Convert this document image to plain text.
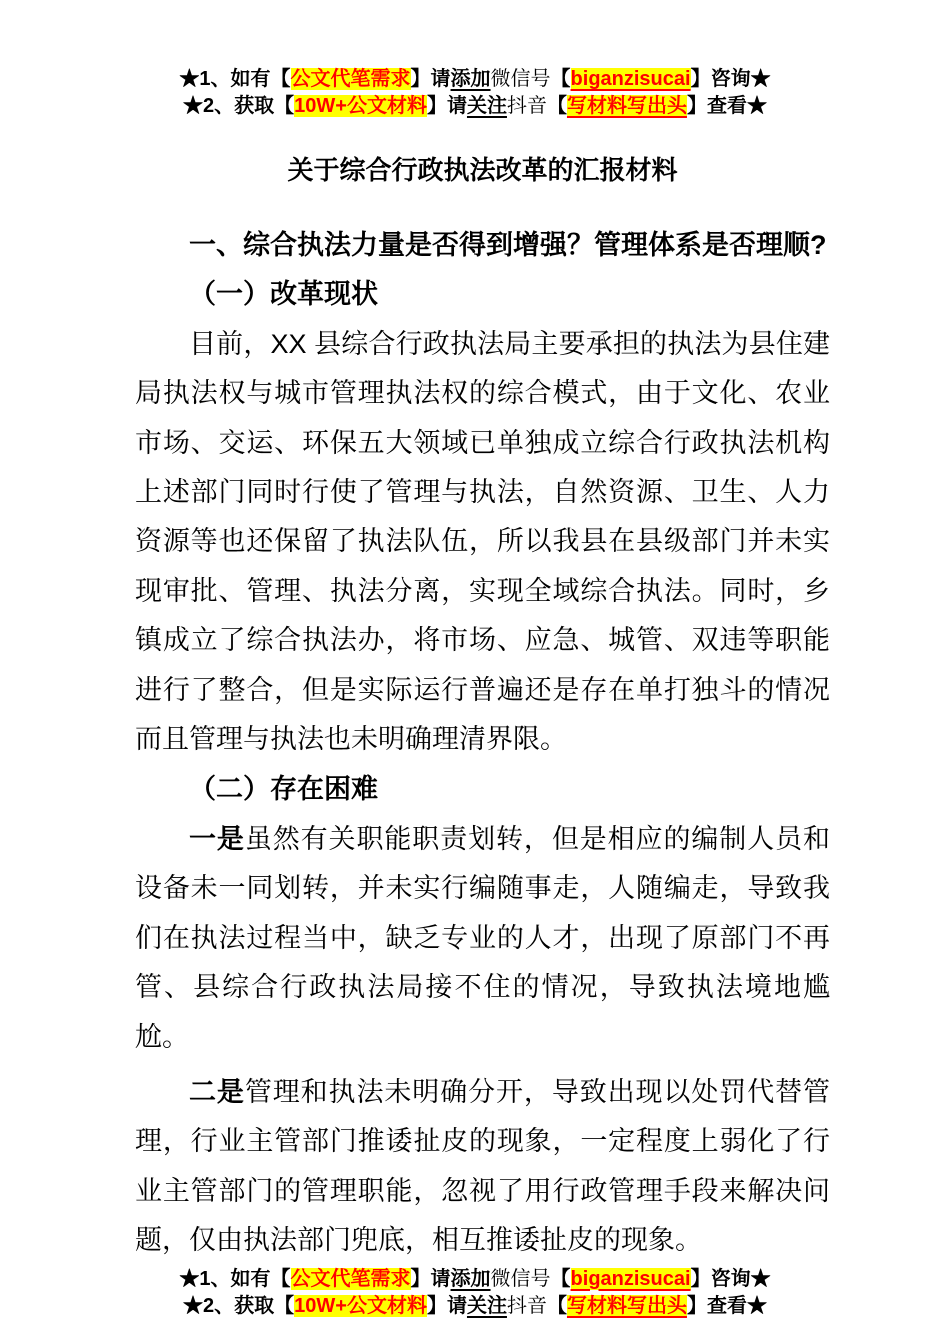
★1、如有【公文代笔需求】请添加微信号【biganzisucai】咨询★
★2、获取【10W+公文材料】请关注抖音【写材料写出头】查看★
关于综合行政执法改革的汇报材料
一、综合执法力量是否得到增强？管理体系是否理顺?
（一）改革现状

目前，XX 县综合行政执法局主要承担的执法为县住建局执法权与城市管理执法权的综合模式，由于文化、农业市场、交运、环保五大领域已单独成立综合行政执法机构上述部门同时行使了管理与执法，自然资源、卫生、人力资源等也还保留了执法队伍，所以我县在县级部门并未实现审批、管理、执法分离，实现全域综合执法。同时，乡镇成立了综合执法办，将市场、应急、城管、双违等职能进行了整合，但是实际运行普遍还是存在单打独斗的情况而且管理与执法也未明确理清界限。

（二）存在困难

一是虽然有关职能职责划转，但是相应的编制人员和设备未一同划转，并未实行编随事走，人随编走，导致我们在执法过程当中，缺乏专业的人才，出现了原部门不再管、县综合行政执法局接不住的情况，导致执法境地尴尬。

二是管理和执法未明确分开，导致出现以处罚代替管理，行业主管部门推诿扯皮的现象，一定程度上弱化了行业主管部门的管理职能，忽视了用行政管理手段来解决问题，仅由执法部门兜底，相互推诿扯皮的现象。

★1、如有【公文代笔需求】请添加微信号【biganzisucai】咨询★
★2、获取【10W+公文材料】请关注抖音【写材料写出头】查看★
